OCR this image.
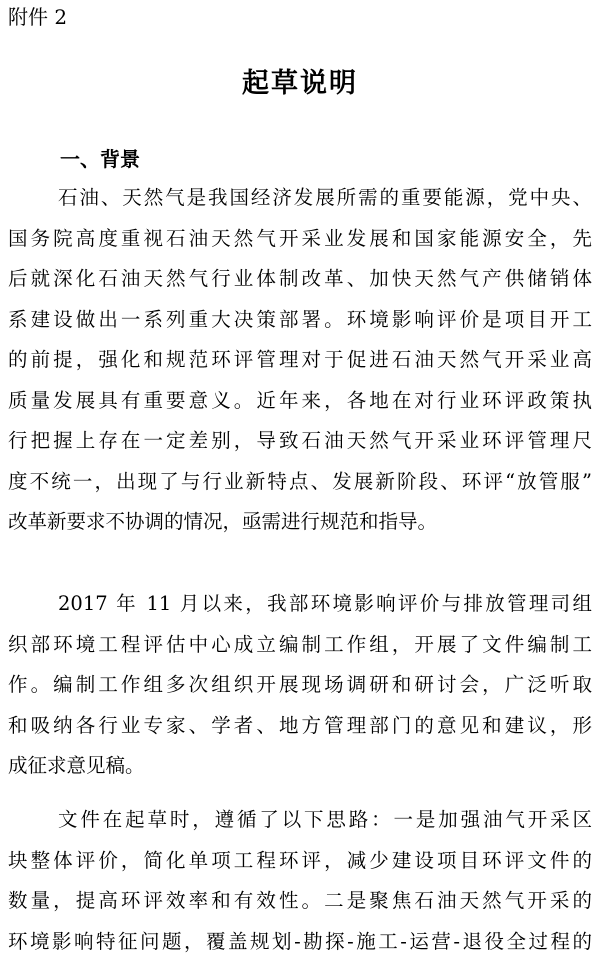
附件 2
起草说明
一、背景
石油、天然气是我国经济发展所需的重要能源，党中央、
国务院高度重视石油天然气开采业发展和国家能源安全，先
后就深化石油天然气行业体制改革、加快天然气产供储销体
系建设做出一系列重大决策部署。环境影响评价是项目开工
的前提，强化和规范环评管理对于促进石油天然气开采业高
质量发展具有重要意义。近年来，各地在对行业环评政策执
行把握上存在一定差别，导致石油天然气开采业环评管理尺
度不统一，出现了与行业新特点、发展新阶段、环评“放管服”
改革新要求不协调的情况，亟需进行规范和指导。
2017 年 11 月以来，我部环境影响评价与排放管理司组
织部环境工程评估中心成立编制工作组，开展了文件编制工
作。编制工作组多次组织开展现场调研和研讨会，广泛听取
和吸纳各行业专家、学者、地方管理部门的意见和建议，形
成征求意见稿。
文件在起草时，遵循了以下思路：一是加强油气开采区
块整体评价，简化单项工程环评，减少建设项目环评文件的
数量，提高环评效率和有效性。二是聚焦石油天然气开采的
环境影响特征问题，覆盖规划-勘探-施工-运营-退役全过程的
